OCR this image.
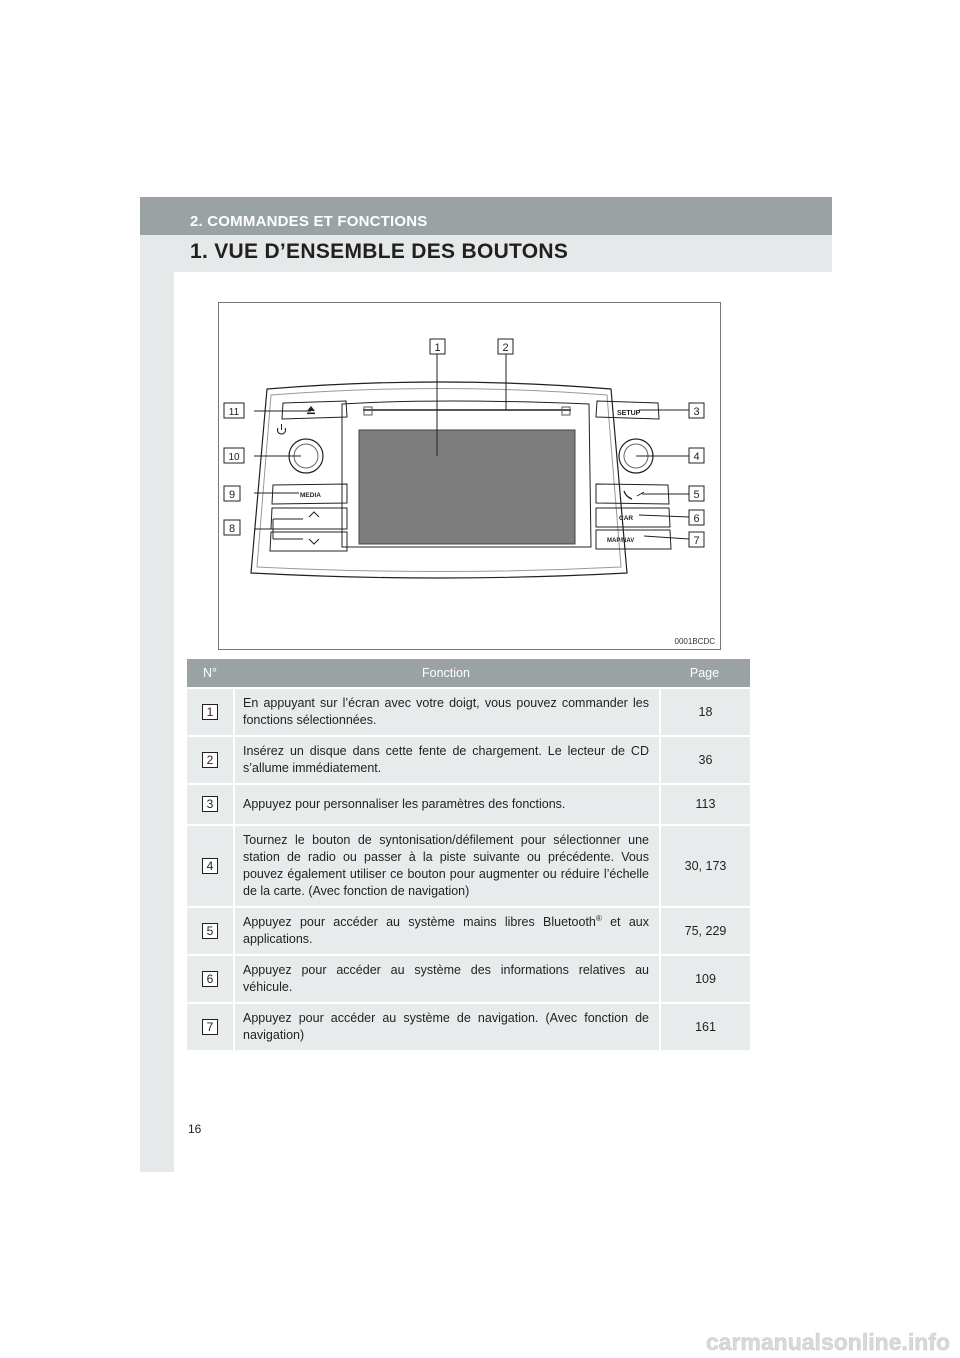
2. COMMANDES ET FONCTIONS
1. VUE D’ENSEMBLE DES BOUTONS
SETUP
MEDIA
CAR
MAP/NAV
1	2
3
4
5
6
7
8
9
10
11
0001BCDC
N°	Fonction	Page
1	En appuyant sur l’écran avec votre doigt, vous pouvez commander les fonctions sélectionnées.	18
2	Insérez un disque dans cette fente de chargement. Le lecteur de CD s’allume immédiatement.	36
3	Appuyez pour personnaliser les paramètres des fonctions.	113
4	Tournez le bouton de syntonisation/défilement pour sélectionner une station de radio ou passer à la piste suivante ou précédente. Vous pouvez également utiliser ce bouton pour augmenter ou réduire l’échelle de la carte. (Avec fonction de navigation)	30, 173
5	Appuyez pour accéder au système mains libres Bluetooth® et aux applications.	75, 229
6	Appuyez pour accéder au système des informations relatives au véhicule.	109
7	Appuyez pour accéder au système de navigation. (Avec fonction de navigation)	161
16
carmanualsonline.info
